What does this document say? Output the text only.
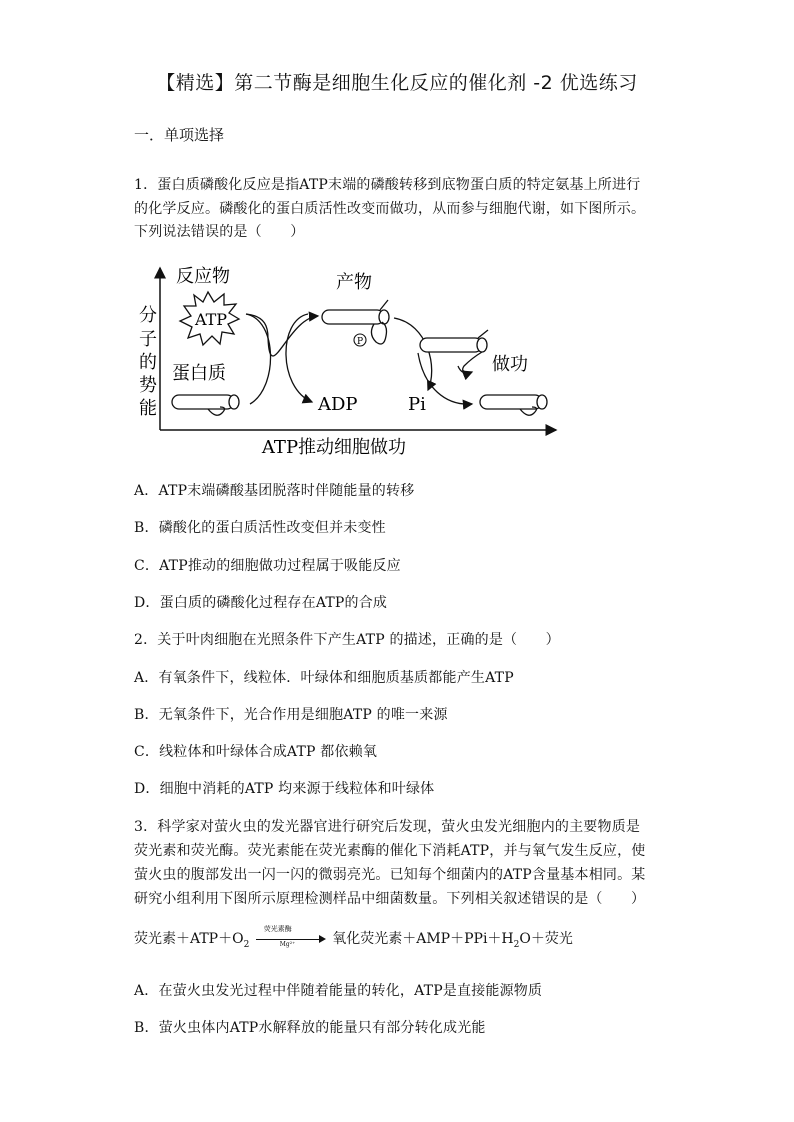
【精选】第二节酶是细胞生化反应的催化剂 -2 优选练习
一．单项选择
1．蛋白质磷酸化反应是指ATP末端的磷酸转移到底物蛋白质的特定氨基上所进行
的化学反应。磷酸化的蛋白质活性改变而做功，从而参与细胞代谢，如下图所示。
下列说法错误的是（　　）
分
子
的
势
能
ATP推动细胞做功
反应物
ATP
蛋白质
产物
P
ADP
做功
Pi
A．ATP末端磷酸基团脱落时伴随能量的转移
B．磷酸化的蛋白质活性改变但并未变性
C．ATP推动的细胞做功过程属于吸能反应
D．蛋白质的磷酸化过程存在ATP的合成
2．关于叶肉细胞在光照条件下产生ATP 的描述，正确的是（　　）
A．有氧条件下，线粒体．叶绿体和细胞质基质都能产生ATP
B．无氧条件下，光合作用是细胞ATP 的唯一来源
C．线粒体和叶绿体合成ATP 都依赖氧
D．细胞中消耗的ATP 均来源于线粒体和叶绿体
3．科学家对萤火虫的发光器官进行研究后发现，萤火虫发光细胞内的主要物质是
荧光素和荧光酶。荧光素能在荧光素酶的催化下消耗ATP，并与氧气发生反应，使
萤火虫的腹部发出一闪一闪的微弱亮光。已知每个细菌内的ATP含量基本相同。某
研究小组利用下图所示原理检测样品中细菌数量。下列相关叙述错误的是（　　）
荧光素$+ATP+O_2$
荧光素酶
Mg²⁺	氧化荧光素$+AMP+PPi+H_2O+$荧光
A．在萤火虫发光过程中伴随着能量的转化，ATP是直接能源物质
B．萤火虫体内ATP水解释放的能量只有部分转化成光能
